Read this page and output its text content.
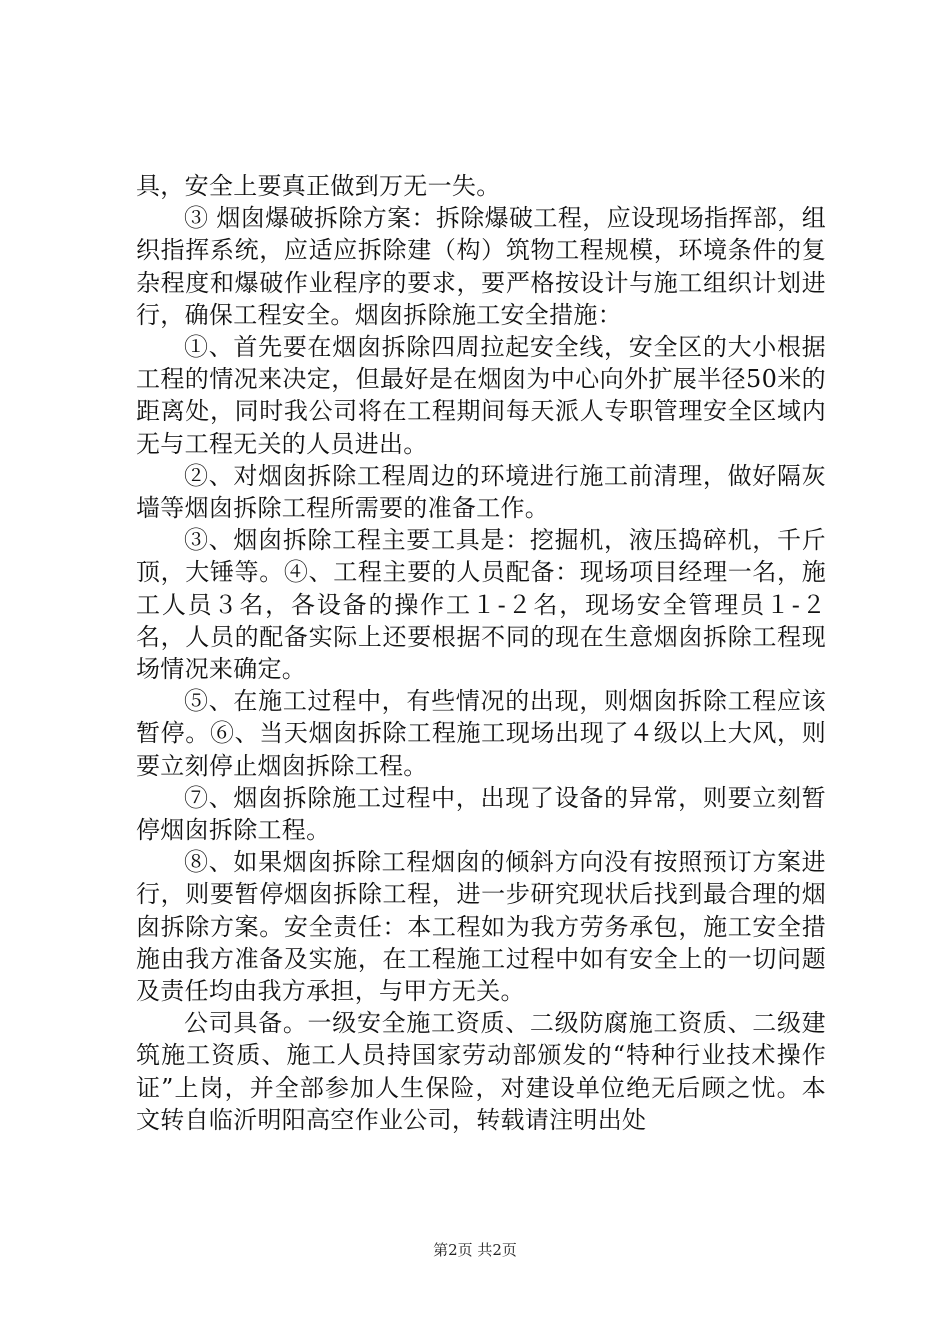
具，安全上要真正做到万无一失。

③ 烟囱爆破拆除方案：拆除爆破工程，应设现场指挥部，组织指挥系统，应适应拆除建（构）筑物工程规模，环境条件的复杂程度和爆破作业程序的要求，要严格按设计与施工组织计划进行，确保工程安全。烟囱拆除施工安全措施：

①、首先要在烟囱拆除四周拉起安全线，安全区的大小根据工程的情况来决定，但最好是在烟囱为中心向外扩展半径50米的距离处，同时我公司将在工程期间每天派人专职管理安全区域内无与工程无关的人员进出。

②、对烟囱拆除工程周边的环境进行施工前清理，做好隔灰墙等烟囱拆除工程所需要的准备工作。

③、烟囱拆除工程主要工具是：挖掘机，液压捣碎机，千斤顶，大锤等。④、工程主要的人员配备：现场项目经理一名，施工人员３名，各设备的操作工１-２名，现场安全管理员１-２名，人员的配备实际上还要根据不同的现在生意烟囱拆除工程现场情况来确定。

⑤、在施工过程中，有些情况的出现，则烟囱拆除工程应该暂停。⑥、当天烟囱拆除工程施工现场出现了４级以上大风，则要立刻停止烟囱拆除工程。

⑦、烟囱拆除施工过程中，出现了设备的异常，则要立刻暂停烟囱拆除工程。

⑧、如果烟囱拆除工程烟囱的倾斜方向没有按照预订方案进行，则要暂停烟囱拆除工程，进一步研究现状后找到最合理的烟囱拆除方案。安全责任：本工程如为我方劳务承包，施工安全措施由我方准备及实施，在工程施工过程中如有安全上的一切问题及责任均由我方承担，与甲方无关。

公司具备。一级安全施工资质、二级防腐施工资质、二级建筑施工资质、施工人员持国家劳动部颁发的“特种行业技术操作证”上岗，并全部参加人生保险，对建设单位绝无后顾之忧。本文转自临沂明阳高空作业公司，转载请注明出处

第2页 共2页
